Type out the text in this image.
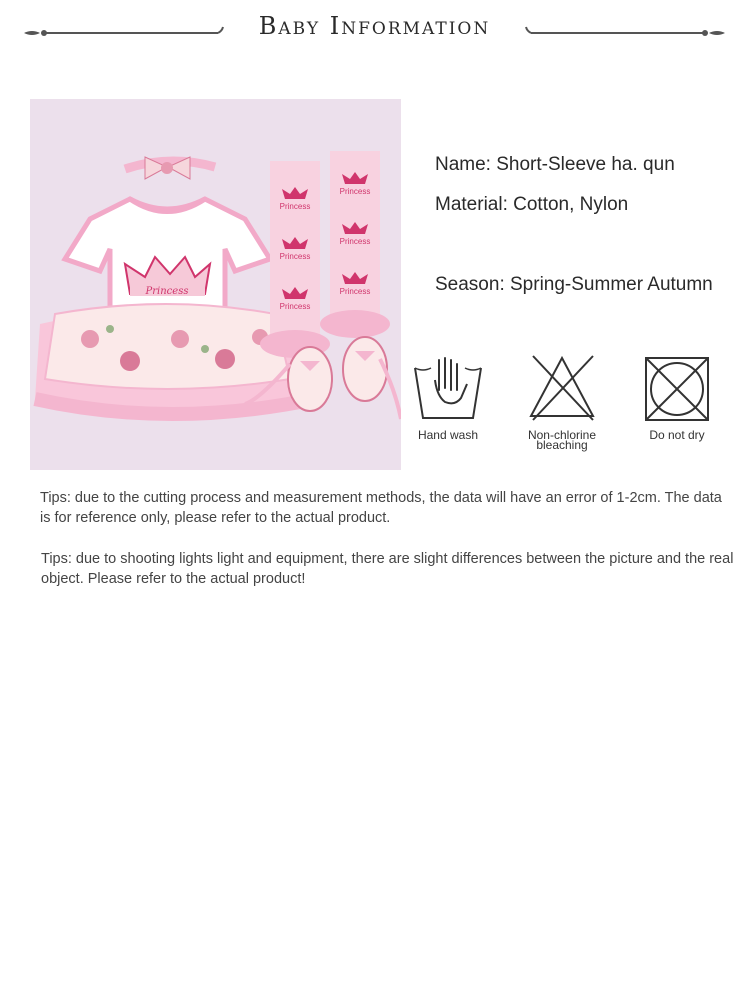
Baby Information
Princess
Princess
Princess
Princess
Princess
Princess
Princess
Name: Short-Sleeve ha. qun
Material: Cotton, Nylon
Season: Spring-Summer Autumn
Hand wash	Non-chlorine
bleaching
Do not dry
Tips: due to the cutting process and measurement methods, the data will have an error of 1-2cm. The data is for reference only, please refer to the actual product.
Tips: due to shooting lights light and equipment, there are slight differences between the picture and the real object. Please refer to the actual product!
